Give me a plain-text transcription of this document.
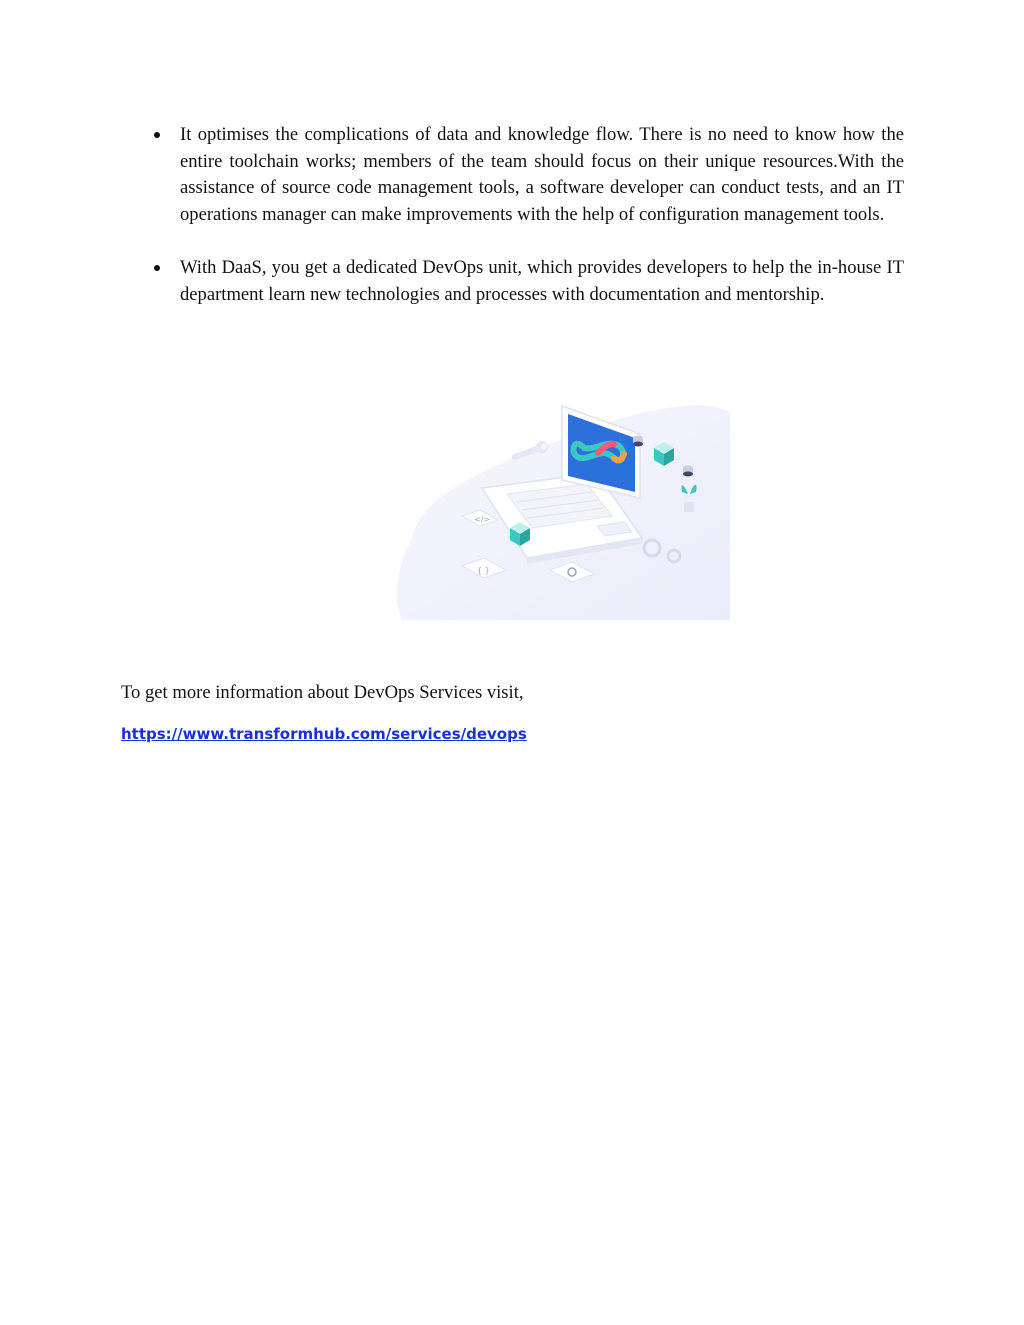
It optimises the complications of data and knowledge flow. There is no need to know how the entire toolchain works; members of the team should focus on their unique resources.With the assistance of source code management tools, a software developer can conduct tests, and an IT operations manager can make improvements with the help of configuration management tools.
With DaaS, you get a dedicated DevOps unit, which provides developers to help the in-house IT department learn new technologies and processes with documentation and mentorship.
</>
{ }

To get more information about DevOps Services visit,

https://www.transformhub.com/services/devops
